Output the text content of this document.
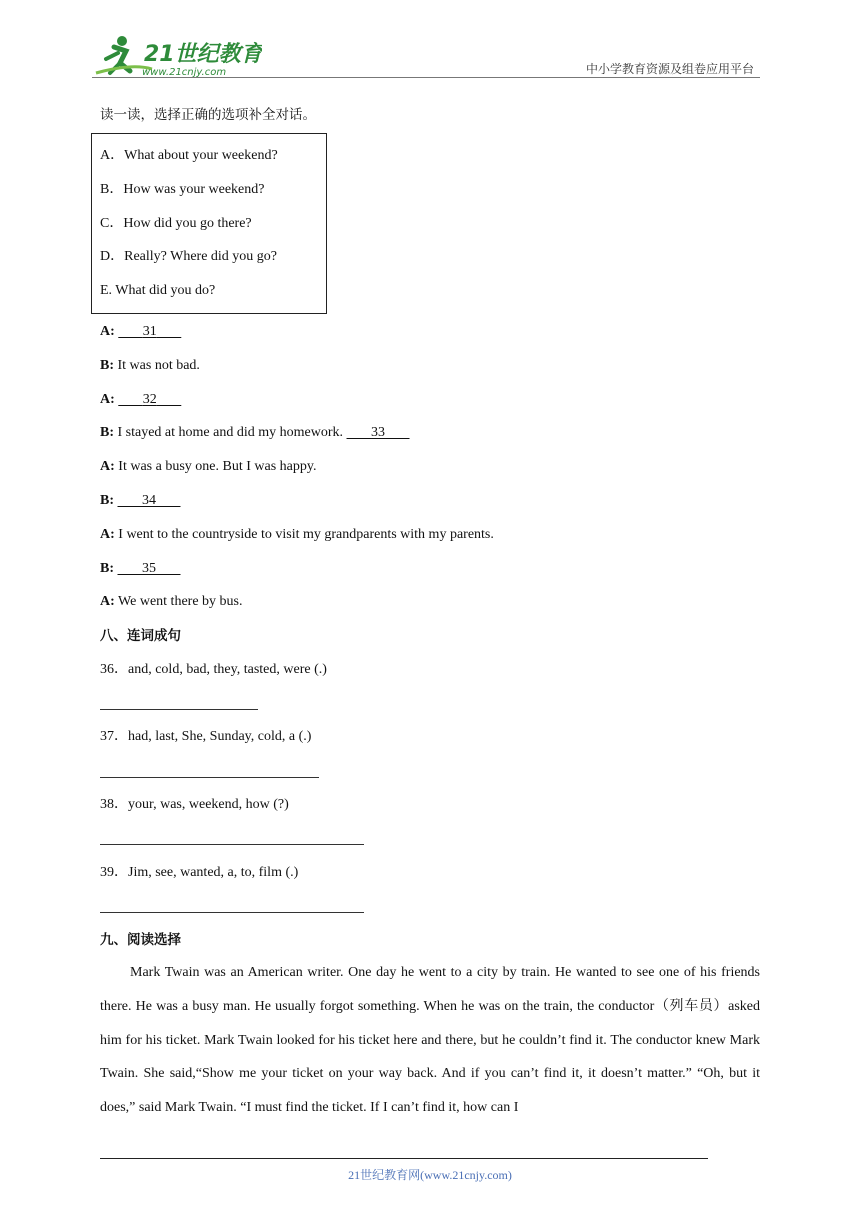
21世纪教育
www.21cnjy.com	中小学教育资源及组卷应用平台
读一读，选择正确的选项补全对话。
A．What about your weekend?
B．How was your weekend?
C．How did you go there?
D．Really? Where did you go?
E. What did you do?
A: 31
B: It was not bad.
A: 32
B: I stayed at home and did my homework. 33
A: It was a busy one. But I was happy.
B: 34
A: I went to the countryside to visit my grandparents with my parents.
B: 35
A: We went there by bus.
八、连词成句
36．and, cold, bad, they, tasted, were (.)
37．had, last, She, Sunday, cold, a (.)
38．your, was, weekend, how (?)
39．Jim, see, wanted, a, to, film (.)
九、阅读选择

Mark Twain was an American writer. One day he went to a city by train. He wanted to see one of his friends there. He was a busy man. He usually forgot something. When he was on the train, the conductor（列车员）asked him for his ticket. Mark Twain looked for his ticket here and there, but he couldn’t find it. The conductor knew Mark Twain. She said,“Show me your ticket on your way back. And if you can’t find it, it doesn’t matter.” “Oh, but it does,” said Mark Twain. “I must find the ticket. If I can’t find it, how can I

21世纪教育网(www.21cnjy.com)
